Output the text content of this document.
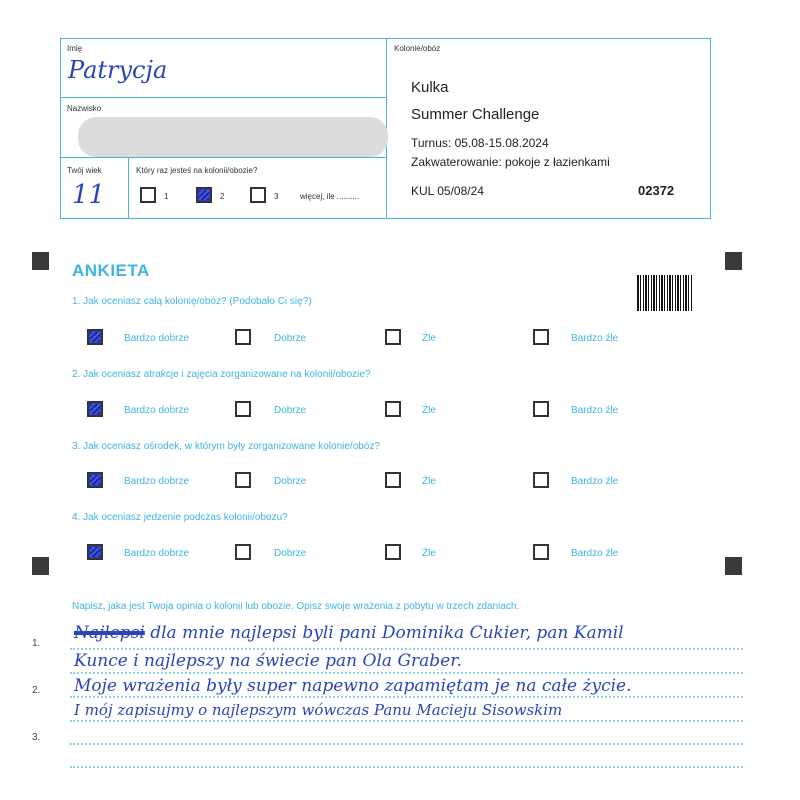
Imię
Patrycja
Nazwisko
Twój wiek
11
Który raz jesteś na kolonii/obozie?
1	2	3	więcej, ile ..........
Kolonie/obóz
Kulka
Summer Challenge
Turnus: 05.08-15.08.2024
Zakwaterowanie: pokoje z łazienkami
KUL 05/08/24	02372
ANKIETA
1. Jak oceniasz całą kolonię/obóz? (Podobało Ci się?)
Bardzo dobrze	Dobrze	Źle	Bardzo źle
2. Jak oceniasz atrakcje i zajęcia zorganizowane na kolonii/obozie?
Bardzo dobrze	Dobrze	Źle	Bardzo źle
3. Jak oceniasz ośrodek, w którym były zorganizowane kolonie/obóz?
Bardzo dobrze	Dobrze	Źle	Bardzo źle
4. Jak oceniasz jedzenie podczas kolonii/obozu?
Bardzo dobrze	Dobrze	Źle	Bardzo źle
Napisz, jaka jest Twoja opinia o kolonii lub obozie. Opisz swoje wrażenia z pobytu w trzech zdaniach.
1.
2.
3.
Najlepsi dla mnie najlepsi byli pani Dominika Cukier, pan Kamil
Kunce i najlepszy na świecie pan Ola Graber.
Moje wrażenia były super napewno zapamiętam je na całe życie.
I mój zapisujmy o najlepszym wówczas Panu Macieju Sisowskim
